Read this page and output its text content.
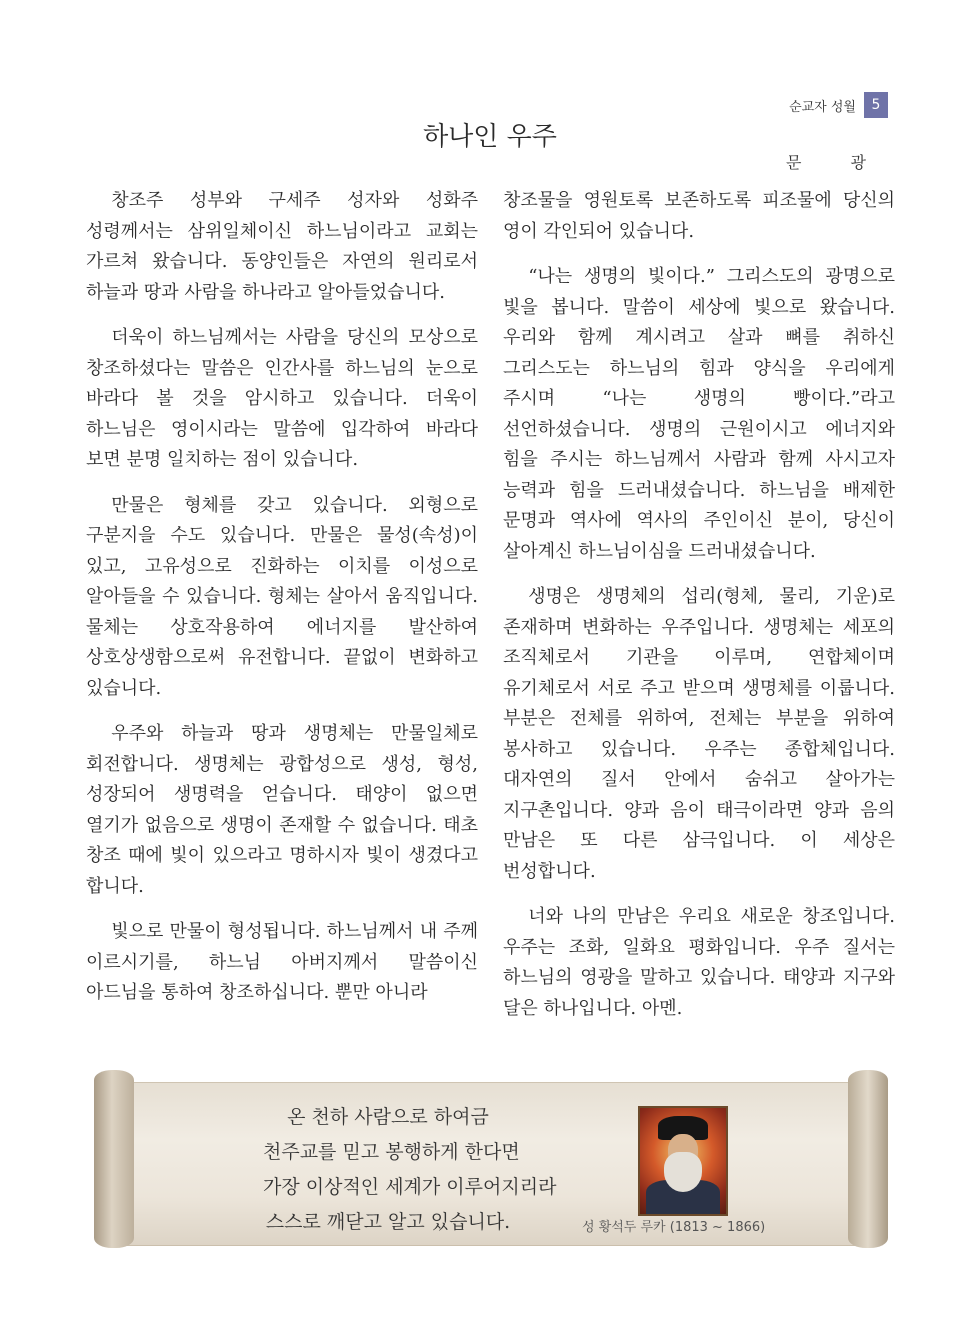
순교자 성월	5
하나인 우주
문 광

창조주 성부와 구세주 성자와 성화주 성령께서는 삼위일체이신 하느님이라고 교회는 가르쳐 왔습니다. 동양인들은 자연의 원리로서 하늘과 땅과 사람을 하나라고 알아들었습니다.

더욱이 하느님께서는 사람을 당신의 모상으로 창조하셨다는 말씀은 인간사를 하느님의 눈으로 바라다 볼 것을 암시하고 있습니다. 더욱이 하느님은 영이시라는 말씀에 입각하여 바라다 보면 분명 일치하는 점이 있습니다.

만물은 형체를 갖고 있습니다. 외형으로 구분지을 수도 있습니다. 만물은 물성(속성)이 있고, 고유성으로 진화하는 이치를 이성으로 알아들을 수 있습니다. 형체는 살아서 움직입니다. 물체는 상호작용하여 에너지를 발산하여 상호상생함으로써 유전합니다. 끝없이 변화하고 있습니다.

우주와 하늘과 땅과 생명체는 만물일체로 회전합니다. 생명체는 광합성으로 생성, 형성, 성장되어 생명력을 얻습니다. 태양이 없으면 열기가 없음으로 생명이 존재할 수 없습니다. 태초 창조 때에 빛이 있으라고 명하시자 빛이 생겼다고 합니다.

빛으로 만물이 형성됩니다. 하느님께서 내 주께 이르시기를, 하느님 아버지께서 말씀이신 아드님을 통하여 창조하십니다. 뿐만 아니라

창조물을 영원토록 보존하도록 피조물에 당신의 영이 각인되어 있습니다.

“나는 생명의 빛이다.” 그리스도의 광명으로 빛을 봅니다. 말씀이 세상에 빛으로 왔습니다. 우리와 함께 계시려고 살과 뼈를 취하신 그리스도는 하느님의 힘과 양식을 우리에게 주시며 “나는 생명의 빵이다.”라고 선언하셨습니다. 생명의 근원이시고 에너지와 힘을 주시는 하느님께서 사람과 함께 사시고자 능력과 힘을 드러내셨습니다. 하느님을 배제한 문명과 역사에 역사의 주인이신 분이, 당신이 살아계신 하느님이심을 드러내셨습니다.

생명은 생명체의 섭리(형체, 물리, 기운)로 존재하며 변화하는 우주입니다. 생명체는 세포의 조직체로서 기관을 이루며, 연합체이며 유기체로서 서로 주고 받으며 생명체를 이룹니다. 부분은 전체를 위하여, 전체는 부분을 위하여 봉사하고 있습니다. 우주는 종합체입니다. 대자연의 질서 안에서 숨쉬고 살아가는 지구촌입니다. 양과 음이 태극이라면 양과 음의 만남은 또 다른 삼극입니다. 이 세상은 번성합니다.

너와 나의 만남은 우리요 새로운 창조입니다. 우주는 조화, 일화요 평화입니다. 우주 질서는 하느님의 영광을 말하고 있습니다. 태양과 지구와 달은 하나입니다. 아멘.

온 천하 사람으로 하여금
천주교를 믿고 봉행하게 한다면
가장 이상적인 세계가 이루어지리라
스스로 깨닫고 알고 있습니다.	성 황석두 루카 (1813 ~ 1866)
